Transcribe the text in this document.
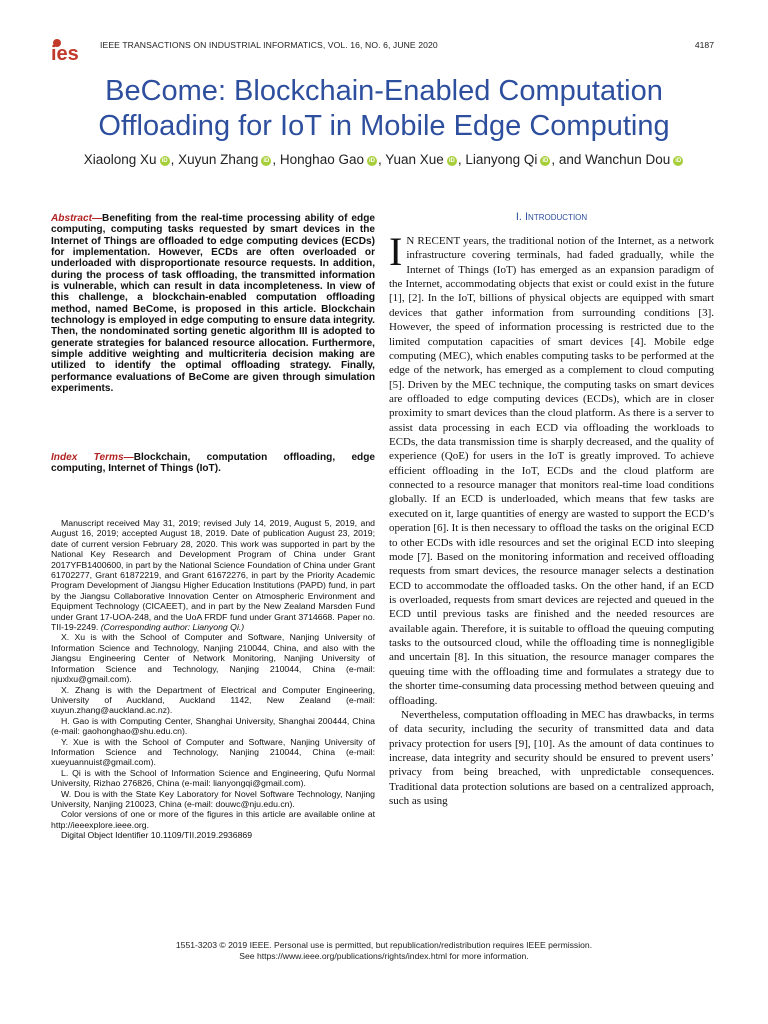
ies IEEE TRANSACTIONS ON INDUSTRIAL INFORMATICS, VOL. 16, NO. 6, JUNE 2020	4187
BeCome: Blockchain-Enabled Computation
Offloading for IoT in Mobile Edge Computing
Xiaolong Xu iD , Xuyun Zhang iD , Honghao Gao iD , Yuan Xue iD , Lianyong Qi iD , and Wanchun Dou iD
Abstract—Benefiting from the real-time processing ability of edge computing, computing tasks requested by smart devices in the Internet of Things are offloaded to edge computing devices (ECDs) for implementation. However, ECDs are often overloaded or underloaded with disproportionate resource requests. In addition, during the process of task offloading, the transmitted information is vulnerable, which can result in data incompleteness. In view of this challenge, a blockchain-enabled computation offloading method, named BeCome, is proposed in this article. Blockchain technology is employed in edge computing to ensure data integrity. Then, the nondominated sorting genetic algorithm III is adopted to generate strategies for balanced resource allocation. Furthermore, simple additive weighting and multicriteria decision making are utilized to identify the optimal offloading strategy. Finally, performance evaluations of BeCome are given through simulation experiments.
Index Terms—Blockchain, computation offloading, edge computing, Internet of Things (IoT).

Manuscript received May 31, 2019; revised July 14, 2019, August 5, 2019, and August 16, 2019; accepted August 18, 2019. Date of publication August 23, 2019; date of current version February 28, 2020. This work was supported in part by the National Key Research and Development Program of China under Grant 2017YFB1400600, in part by the National Science Foundation of China under Grant 61702277, Grant 61872219, and Grant 61672276, in part by the Priority Academic Program Development of Jiangsu Higher Education Institutions (PAPD) fund, in part by the Jiangsu Collaborative Innovation Center on Atmospheric Environment and Equipment Technology (CICAEET), and in part by the New Zealand Marsden Fund under Grant 17-UOA-248, and the UoA FRDF fund under Grant 3714668. Paper no. TII-19-2249. (Corresponding author: Lianyong Qi.)

X. Xu is with the School of Computer and Software, Nanjing University of Information Science and Technology, Nanjing 210044, China, and also with the Jiangsu Engineering Center of Network Monitoring, Nanjing University of Information Science and Technology, Nanjing 210044, China (e-mail: njuxlxu@gmail.com).

X. Zhang is with the Department of Electrical and Computer Engineering, University of Auckland, Auckland 1142, New Zealand (e-mail: xuyun.zhang@auckland.ac.nz).

H. Gao is with Computing Center, Shanghai University, Shanghai 200444, China (e-mail: gaohonghao@shu.edu.cn).

Y. Xue is with the School of Computer and Software, Nanjing University of Information Science and Technology, Nanjing 210044, China (e-mail: xueyuannuist@gmail.com).

L. Qi is with the School of Information Science and Engineering, Qufu Normal University, Rizhao 276826, China (e-mail: lianyongqi@gmail.com).

W. Dou is with the State Key Laboratory for Novel Software Technology, Nanjing University, Nanjing 210023, China (e-mail: douwc@nju.edu.cn).

Color versions of one or more of the figures in this article are available online at http://ieeexplore.ieee.org.

Digital Object Identifier 10.1109/TII.2019.2936869

I. Introduction

I N RECENT years, the traditional notion of the Internet, as a network infrastructure covering terminals, had faded gradually, while the Internet of Things (IoT) has emerged as an expansion paradigm of the Internet, accommodating objects that exist or could exist in the future [1], [2]. In the IoT, billions of physical objects are equipped with smart devices that gather information from surrounding conditions [3]. However, the speed of information processing is restricted due to the limited computation capacities of smart devices [4]. Mobile edge computing (MEC), which enables computing tasks to be performed at the edge of the network, has emerged as a complement to cloud computing [5]. Driven by the MEC technique, the computing tasks on smart devices are offloaded to edge computing devices (ECDs), which are in closer proximity to smart devices than the cloud platform. As there is a server to assist data processing in each ECD via offloading the workloads to ECDs, the data transmission time is sharply decreased, and the quality of experience (QoE) for users in the IoT is greatly improved. To achieve efficient offloading in the IoT, ECDs and the cloud platform are connected to a resource manager that monitors real-time load conditions globally. If an ECD is underloaded, which means that few tasks are executed on it, large quantities of energy are wasted to support the ECD’s operation [6]. It is then necessary to offload the tasks on the original ECD to other ECDs with idle resources and set the original ECD into sleeping mode [7]. Based on the monitoring information and received offloading requests from smart devices, the resource manager selects a destination ECD to accommodate the offloaded tasks. On the other hand, if an ECD is overloaded, requests from smart devices are rejected and queued in the ECD until previous tasks are finished and the needed resources are available again. Therefore, it is suitable to offload the queuing computing tasks to the outsourced cloud, while the offloading time is nonnegligible and uncertain [8]. In this situation, the resource manager compares the queuing time with the offloading time and formulates a strategy due to the shorter time-consuming data processing method between queuing and offloading.

Nevertheless, computation offloading in MEC has drawbacks, in terms of data security, including the security of transmitted data and data privacy protection for users [9], [10]. As the amount of data continues to increase, data integrity and security should be ensured to prevent users’ privacy from being breached, with unpredictable consequences. Traditional data protection solutions are based on a centralized approach, such as using

1551-3203 © 2019 IEEE. Personal use is permitted, but republication/redistribution requires IEEE permission.
See https://www.ieee.org/publications/rights/index.html for more information.
